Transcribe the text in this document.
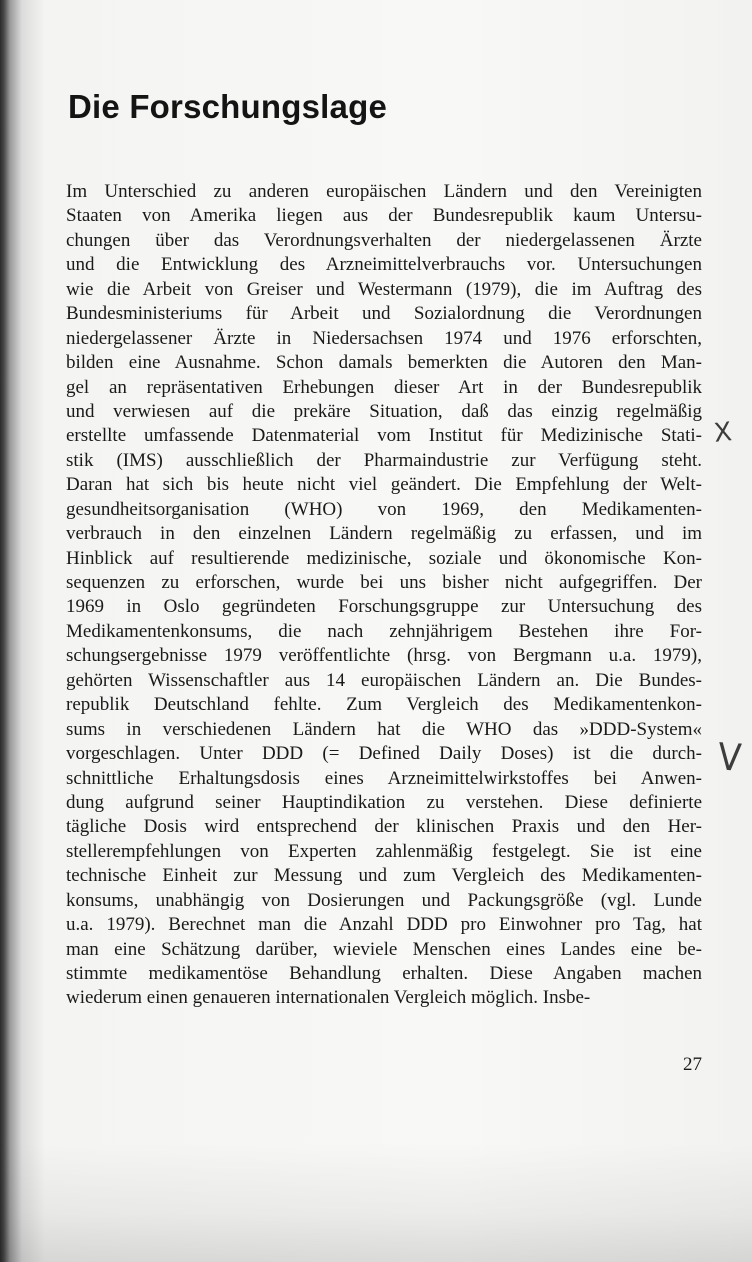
Die Forschungslage
Im Unterschied zu anderen europäischen Ländern und den Vereinigten
Staaten von Amerika liegen aus der Bundesrepublik kaum Untersu-
chungen über das Verordnungsverhalten der niedergelassenen Ärzte
und die Entwicklung des Arzneimittelverbrauchs vor. Untersuchungen
wie die Arbeit von Greiser und Westermann (1979), die im Auftrag des
Bundesministeriums für Arbeit und Sozialordnung die Verordnungen
niedergelassener Ärzte in Niedersachsen 1974 und 1976 erforschten,
bilden eine Ausnahme. Schon damals bemerkten die Autoren den Man-
gel an repräsentativen Erhebungen dieser Art in der Bundesrepublik
und verwiesen auf die prekäre Situation, daß das einzig regelmäßig
erstellte umfassende Datenmaterial vom Institut für Medizinische Stati-
stik (IMS) ausschließlich der Pharmaindustrie zur Verfügung steht.
Daran hat sich bis heute nicht viel geändert. Die Empfehlung der Welt-
gesundheitsorganisation (WHO) von 1969, den Medikamenten-
verbrauch in den einzelnen Ländern regelmäßig zu erfassen, und im
Hinblick auf resultierende medizinische, soziale und ökonomische Kon-
sequenzen zu erforschen, wurde bei uns bisher nicht aufgegriffen. Der
1969 in Oslo gegründeten Forschungsgruppe zur Untersuchung des
Medikamentenkonsums, die nach zehnjährigem Bestehen ihre For-
schungsergebnisse 1979 veröffentlichte (hrsg. von Bergmann u.a. 1979),
gehörten Wissenschaftler aus 14 europäischen Ländern an. Die Bundes-
republik Deutschland fehlte. Zum Vergleich des Medikamentenkon-
sums in verschiedenen Ländern hat die WHO das »DDD-System«
vorgeschlagen. Unter DDD (= Defined Daily Doses) ist die durch-
schnittliche Erhaltungsdosis eines Arzneimittelwirkstoffes bei Anwen-
dung aufgrund seiner Hauptindikation zu verstehen. Diese definierte
tägliche Dosis wird entsprechend der klinischen Praxis und den Her-
stellerempfehlungen von Experten zahlenmäßig festgelegt. Sie ist eine
technische Einheit zur Messung und zum Vergleich des Medikamenten-
konsums, unabhängig von Dosierungen und Packungsgröße (vgl. Lunde
u.a. 1979). Berechnet man die Anzahl DDD pro Einwohner pro Tag, hat
man eine Schätzung darüber, wieviele Menschen eines Landes eine be-
stimmte medikamentöse Behandlung erhalten. Diese Angaben machen
wiederum einen genaueren internationalen Vergleich möglich. Insbe-
X
V
27
